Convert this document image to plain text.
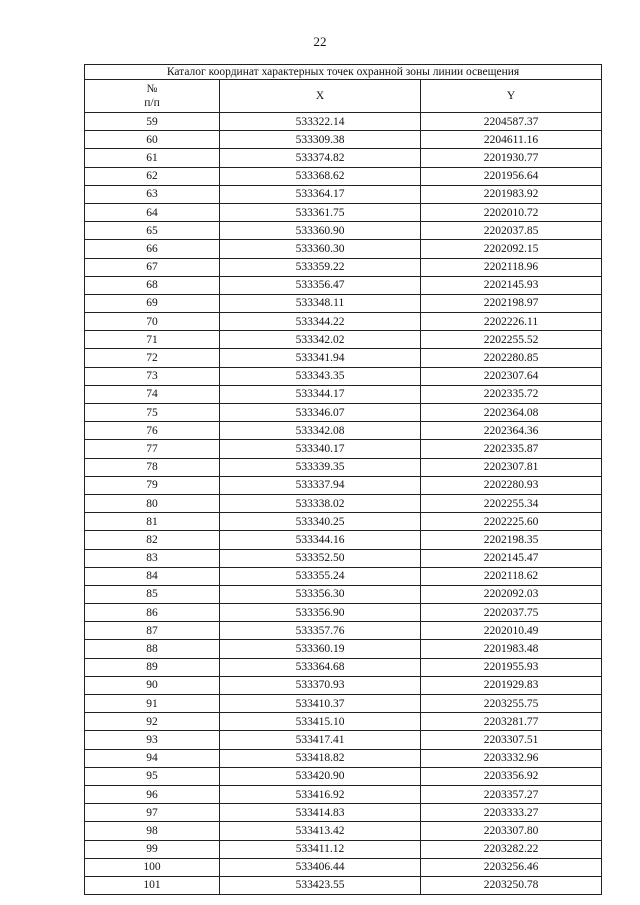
22
Каталог координат характерных точек охранной зоны линии освещения		
№
п/п	X	Y
59	533322.14	2204587.37
60	533309.38	2204611.16
61	533374.82	2201930.77
62	533368.62	2201956.64
63	533364.17	2201983.92
64	533361.75	2202010.72
65	533360.90	2202037.85
66	533360.30	2202092.15
67	533359.22	2202118.96
68	533356.47	2202145.93
69	533348.11	2202198.97
70	533344.22	2202226.11
71	533342.02	2202255.52
72	533341.94	2202280.85
73	533343.35	2202307.64
74	533344.17	2202335.72
75	533346.07	2202364.08
76	533342.08	2202364.36
77	533340.17	2202335.87
78	533339.35	2202307.81
79	533337.94	2202280.93
80	533338.02	2202255.34
81	533340.25	2202225.60
82	533344.16	2202198.35
83	533352.50	2202145.47
84	533355.24	2202118.62
85	533356.30	2202092.03
86	533356.90	2202037.75
87	533357.76	2202010.49
88	533360.19	2201983.48
89	533364.68	2201955.93
90	533370.93	2201929.83
91	533410.37	2203255.75
92	533415.10	2203281.77
93	533417.41	2203307.51
94	533418.82	2203332.96
95	533420.90	2203356.92
96	533416.92	2203357.27
97	533414.83	2203333.27
98	533413.42	2203307.80
99	533411.12	2203282.22
100	533406.44	2203256.46
101	533423.55	2203250.78
